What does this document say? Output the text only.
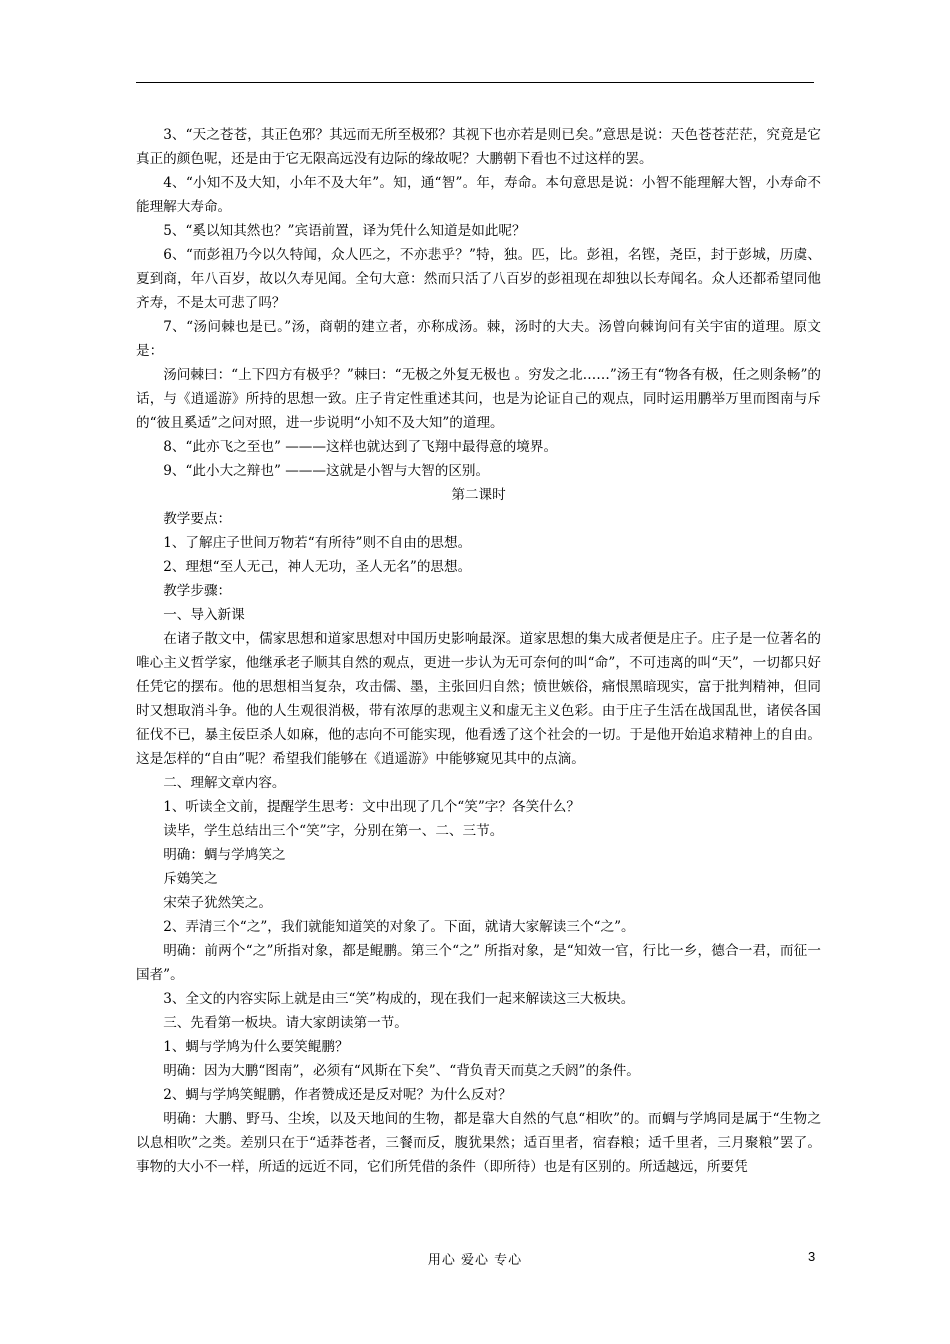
3、“天之苍苍，其正色邪？其远而无所至极邪？其视下也亦若是则已矣。”意思是说：天色苍苍茫茫，究竟是它真正的颜色呢，还是由于它无限高远没有边际的缘故呢？大鹏朝下看也不过这样的罢。

4、“小知不及大知，小年不及大年”。知，通“智”。年，寿命。本句意思是说：小智不能理解大智，小寿命不能理解大寿命。

5、“奚以知其然也？”宾语前置，译为凭什么知道是如此呢？

6、“而彭祖乃今以久特闻，众人匹之，不亦悲乎？”特，独。匹，比。彭祖，名铿，尧臣，封于彭城，历虞、夏到商，年八百岁，故以久寿见闻。全句大意：然而只活了八百岁的彭祖现在却独以长寿闻名。众人还都希望同他齐寿，不是太可悲了吗？

7、“汤问棘也是已。”汤，商朝的建立者，亦称成汤。棘，汤时的大夫。汤曾向棘询问有关宇宙的道理。原文是：

汤问棘曰：“上下四方有极乎？”棘曰：“无极之外复无极也 。穷发之北……”汤王有“物各有极，任之则条畅”的话，与《逍遥游》所持的思想一致。庄子肯定性重述其问，也是为论证自己的观点，同时运用鹏举万里而图南与斥 的“彼且奚适”之问对照，进一步说明“小知不及大知”的道理。

8、“此亦飞之至也” ———这样也就达到了飞翔中最得意的境界。

9、“此小大之辩也” ———这就是小智与大智的区别。

第二课时

教学要点：

1、了解庄子世间万物若“有所待”则不自由的思想。

2、理想“至人无己，神人无功，圣人无名”的思想。

教学步骤：

一、导入新课

在诸子散文中，儒家思想和道家思想对中国历史影响最深。道家思想的集大成者便是庄子。庄子是一位著名的唯心主义哲学家，他继承老子顺其自然的观点，更进一步认为无可奈何的叫“命”，不可违离的叫“天”，一切都只好任凭它的摆布。他的思想相当复杂，攻击儒、墨，主张回归自然；愤世嫉俗，痛恨黑暗现实，富于批判精神，但同时又想取消斗争。他的人生观很消极，带有浓厚的悲观主义和虚无主义色彩。由于庄子生活在战国乱世，诸侯各国征伐不已，暴主佞臣杀人如麻，他的志向不可能实现，他看透了这个社会的一切。于是他开始追求精神上的自由。这是怎样的“自由”呢？希望我们能够在《逍遥游》中能够窥见其中的点滴。

二、理解文章内容。

1、听读全文前，提醒学生思考：文中出现了几个“笑”字？各笑什么？

读毕，学生总结出三个“笑”字，分别在第一、二、三节。

明确：蜩与学鸠笑之

斥鴳笑之

宋荣子犹然笑之。

2、弄清三个“之”，我们就能知道笑的对象了。下面，就请大家解读三个“之”。

明确：前两个“之”所指对象，都是鲲鹏。第三个“之” 所指对象，是“知效一官，行比一乡，德合一君，而征一国者”。

3、全文的内容实际上就是由三“笑”构成的，现在我们一起来解读这三大板块。

三、先看第一板块。请大家朗读第一节。

1、蜩与学鸠为什么要笑鲲鹏？

明确：因为大鹏“图南”，必须有“风斯在下矣”、“背负青天而莫之夭阏”的条件。

2、蜩与学鸠笑鲲鹏，作者赞成还是反对呢？为什么反对？

明确：大鹏、野马、尘埃，以及天地间的生物，都是靠大自然的气息“相吹”的。而蜩与学鸠同是属于“生物之以息相吹”之类。差别只在于“适莽苍者，三餐而反，腹犹果然；适百里者，宿舂粮；适千里者，三月聚粮”罢了。事物的大小不一样，所适的远近不同，它们所凭借的条件（即所待）也是有区别的。所适越远，所要凭

用心 爱心 专心	3
